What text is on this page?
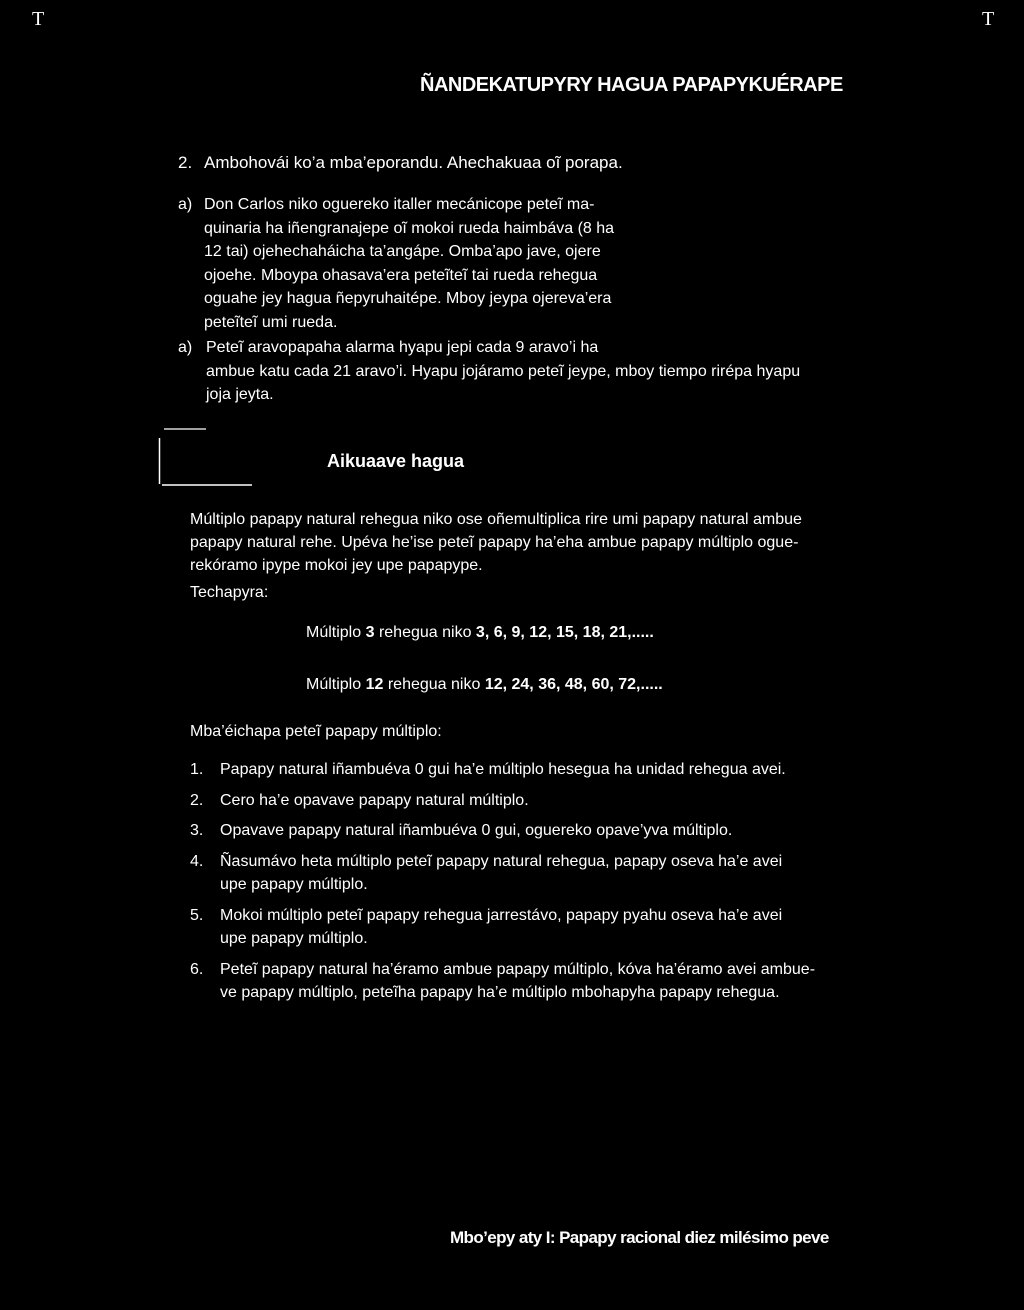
T	T
ÑANDEKATUPYRY HAGUA PAPAPYKUÉRAPE
2. Ambohovái ko’a mba’eporandu. Ahechakuaa oĩ porapa.
a) Don Carlos niko oguereko italler mecánicope peteĩ ma-
quinaria ha iñengranajepe oĩ mokoi rueda haimbáva (8 ha
12 tai) ojehechaháicha ta’angápe. Omba’apo jave, ojere
ojoehe. Mboypa ohasava’era peteĩteĩ tai rueda rehegua
oguahe jey hagua ñepyruhaitépe. Mboy jeypa ojereva’era
peteĩteĩ umi rueda.
a) Peteĩ aravopapaha alarma hyapu jepi cada 9 aravo’i ha
ambue katu cada 21 aravo’i. Hyapu jojáramo peteĩ jeype, mboy tiempo rirépa hyapu
joja jeyta.
Aikuaave hagua
Múltiplo papapy natural rehegua niko ose oñemultiplica rire umi papapy natural ambue
papapy natural rehe. Upéva he’ise peteĩ papapy ha’eha ambue papapy múltiplo ogue-
rekóramo ipype mokoi jey upe papapype.
Techapyra:
Múltiplo 3 rehegua niko 3, 6, 9, 12, 15, 18, 21,.....
Múltiplo 12 rehegua niko 12, 24, 36, 48, 60, 72,.....
Mba’éichapa peteĩ papapy múltiplo:
1. Papapy natural iñambuéva 0 gui ha’e múltiplo hesegua ha unidad rehegua avei.
2. Cero ha’e opavave papapy natural múltiplo.
3. Opavave papapy natural iñambuéva 0 gui, oguereko opave’yva múltiplo.
4. Ñasumávo heta múltiplo peteĩ papapy natural rehegua, papapy oseva ha’e avei
upe papapy múltiplo.
5. Mokoi múltiplo peteĩ papapy rehegua jarrestávo, papapy pyahu oseva ha’e avei
upe papapy múltiplo.
6. Peteĩ papapy natural ha’éramo ambue papapy múltiplo, kóva ha’éramo avei ambue-
ve papapy múltiplo, peteĩha papapy ha’e múltiplo mbohapyha papapy rehegua.
Mbo’epy aty I: Papapy racional diez milésimo peve
